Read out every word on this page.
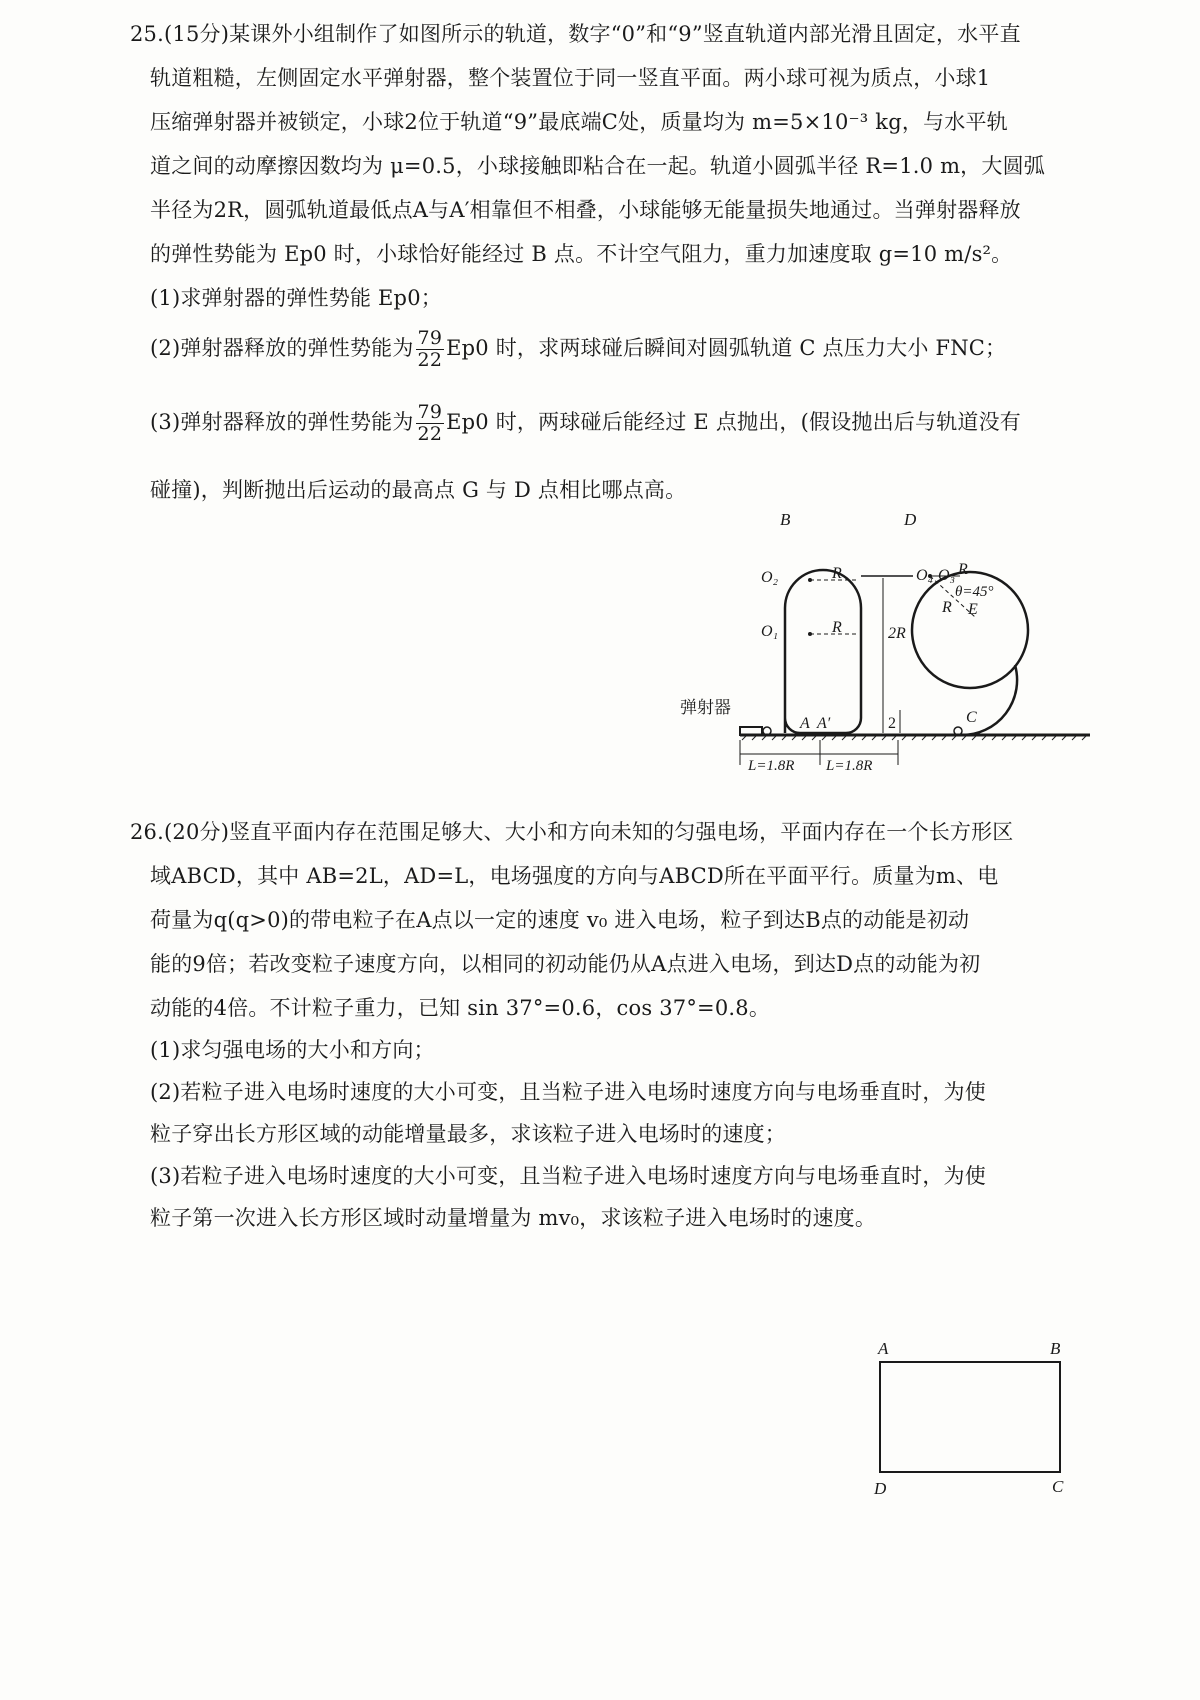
25.(15分)某课外小组制作了如图所示的轨道，数字“0”和“9”竖直轨道内部光滑且固定，水平直
轨道粗糙，左侧固定水平弹射器，整个装置位于同一竖直平面。两小球可视为质点，小球1
压缩弹射器并被锁定，小球2位于轨道“9”最底端C处，质量均为 m=5×10⁻³ kg，与水平轨
道之间的动摩擦因数均为 μ=0.5，小球接触即粘合在一起。轨道小圆弧半径 R=1.0 m，大圆弧
半径为2R，圆弧轨道最低点A与A′相靠但不相叠，小球能够无能量损失地通过。当弹射器释放
的弹性势能为 Ep0 时，小球恰好能经过 B 点。不计空气阻力，重力加速度取 g=10 m/s²。
(1)求弹射器的弹性势能 Ep0；
(2)弹射器释放的弹性势能为 $\frac{79}{22} Ep0$ 时，求两球碰后瞬间对圆弧轨道 C 点压力大小 FNC；
(3)弹射器释放的弹性势能为 $\frac{79}{22} Ep0$ 时，两球碰后能经过 E 点抛出，(假设抛出后与轨道没有
碰撞)，判断抛出后运动的最高点 G 与 D 点相比哪点高。
弹射器
B	D
O₂	R
O₁	R	2R
2
O₄ O₃ R
θ=45°
R E
A A′	C
L=1.8R L=1.8R
26.(20分)竖直平面内存在范围足够大、大小和方向未知的匀强电场，平面内存在一个长方形区
域ABCD，其中 AB=2L，AD=L，电场强度的方向与ABCD所在平面平行。质量为m、电
荷量为q(q>0)的带电粒子在A点以一定的速度 v₀ 进入电场，粒子到达B点的动能是初动
能的9倍；若改变粒子速度方向，以相同的初动能仍从A点进入电场，到达D点的动能为初
动能的4倍。不计粒子重力，已知 sin 37°=0.6，cos 37°=0.8。
(1)求匀强电场的大小和方向；
(2)若粒子进入电场时速度的大小可变，且当粒子进入电场时速度方向与电场垂直时，为使
粒子穿出长方形区域的动能增量最多，求该粒子进入电场时的速度；
(3)若粒子进入电场时速度的大小可变，且当粒子进入电场时速度方向与电场垂直时，为使
粒子第一次进入长方形区域时动量增量为 mv₀，求该粒子进入电场时的速度。
A	B
D	C
